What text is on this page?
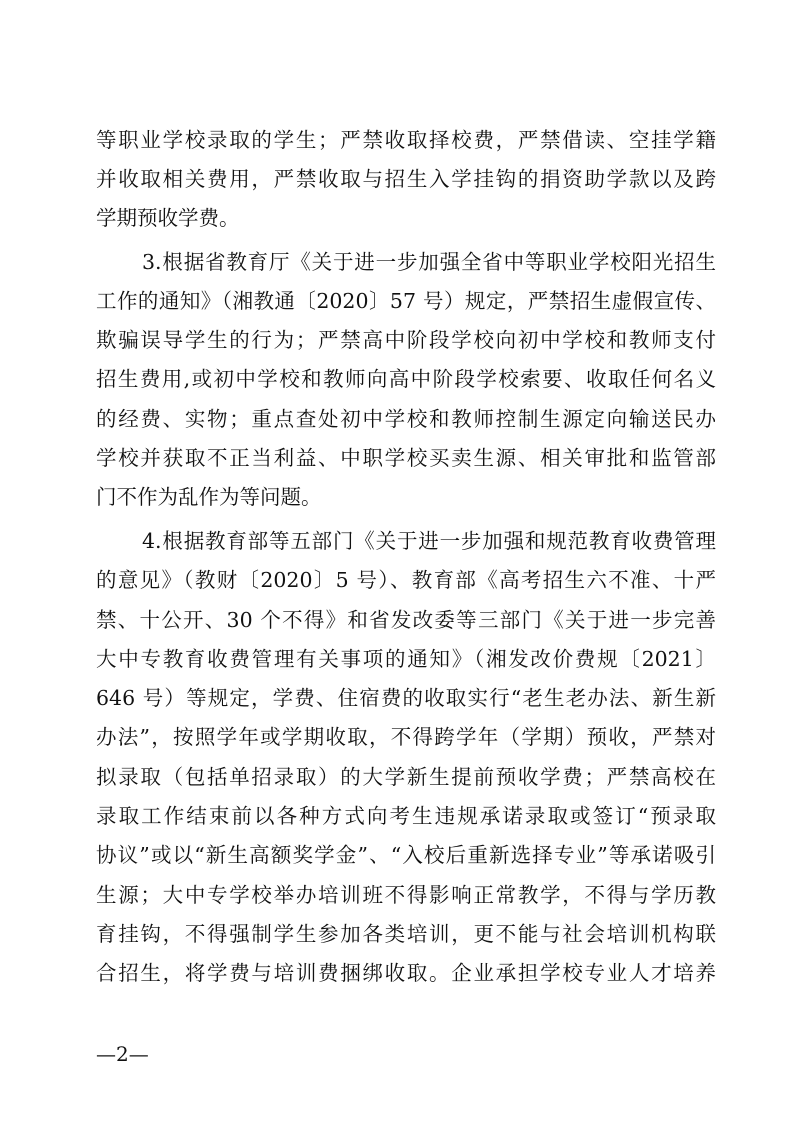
等职业学校录取的学生；严禁收取择校费，严禁借读、空挂学籍
并收取相关费用，严禁收取与招生入学挂钩的捐资助学款以及跨
学期预收学费。
3.根据省教育厅《关于进一步加强全省中等职业学校阳光招生
工作的通知》（湘教通〔2020〕57 号）规定，严禁招生虚假宣传、
欺骗误导学生的行为；严禁高中阶段学校向初中学校和教师支付
招生费用,或初中学校和教师向高中阶段学校索要、收取任何名义
的经费、实物；重点查处初中学校和教师控制生源定向输送民办
学校并获取不正当利益、中职学校买卖生源、相关审批和监管部
门不作为乱作为等问题。
4.根据教育部等五部门《关于进一步加强和规范教育收费管理
的意见》（教财〔2020〕5 号）、教育部《高考招生六不准、十严
禁、十公开、30 个不得》和省发改委等三部门《关于进一步完善
大中专教育收费管理有关事项的通知》（湘发改价费规〔2021〕
646 号）等规定，学费、住宿费的收取实行“老生老办法、新生新
办法”，按照学年或学期收取，不得跨学年（学期）预收，严禁对
拟录取（包括单招录取）的大学新生提前预收学费；严禁高校在
录取工作结束前以各种方式向考生违规承诺录取或签订“预录取
协议”或以“新生高额奖学金”、“入校后重新选择专业”等承诺吸引
生源；大中专学校举办培训班不得影响正常教学，不得与学历教
育挂钩，不得强制学生参加各类培训，更不能与社会培训机构联
合招生，将学费与培训费捆绑收取。企业承担学校专业人才培养
—2—
